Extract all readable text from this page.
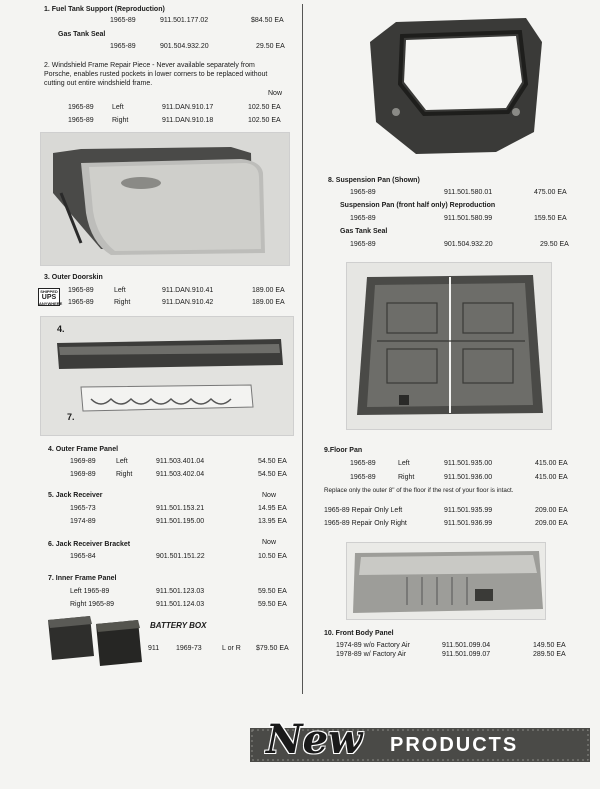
1. Fuel Tank Support (Reproduction)
1965-89	911.501.177.02	$84.50 EA
Gas Tank Seal
1965-89	901.504.932.20	29.50 EA
2. Windshield Frame Repair Piece - Never available separately from
Porsche, enables rusted pockets in lower corners to be replaced without
cutting out entire windshield frame.
Now
1965-89	Left	911.DAN.910.17	102.50 EA
1965-89	Right	911.DAN.910.18	102.50 EA
3. Outer Doorskin
SHIPPED
UPS
ANYWHERE
1965-89	Left	911.DAN.910.41	189.00 EA
1965-89	Right	911.DAN.910.42	189.00 EA
4.
7.
4. Outer Frame Panel
1969-89	Left	911.503.401.04	54.50 EA
1969-89	Right	911.503.402.04	54.50 EA
5. Jack Receiver	Now
1965-73	911.501.153.21	14.95 EA
1974-89	911.501.195.00	13.95 EA
6. Jack Receiver Bracket	Now
1965-84	901.501.151.22	10.50 EA
7. Inner Frame Panel
Left 1965-89	911.501.123.03	59.50 EA
Right 1965-89	911.501.124.03	59.50 EA
BATTERY BOX
911 1969-73	L or R $79.50 EA
8. Suspension Pan (Shown)
1965-89	911.501.580.01	475.00 EA
Suspension Pan (front half only) Reproduction
1965-89	911.501.580.99	159.50 EA
Gas Tank Seal
1965-89	901.504.932.20	29.50 EA
9.Floor Pan
1965-89	Left	911.501.935.00	415.00 EA
1965-89	Right	911.501.936.00	415.00 EA
Replace only the outer 8" of the floor if the rest of your floor is intact.
1965-89 Repair Only Left	911.501.935.99	209.00 EA
1965-89 Repair Only Right	911.501.936.99	209.00 EA
10. Front Body Panel
1974-89 w/o Factory Air	911.501.099.04	149.50 EA
1978-89 w/ Factory Air	911.501.099.07	289.50 EA
New PRODUCTS
